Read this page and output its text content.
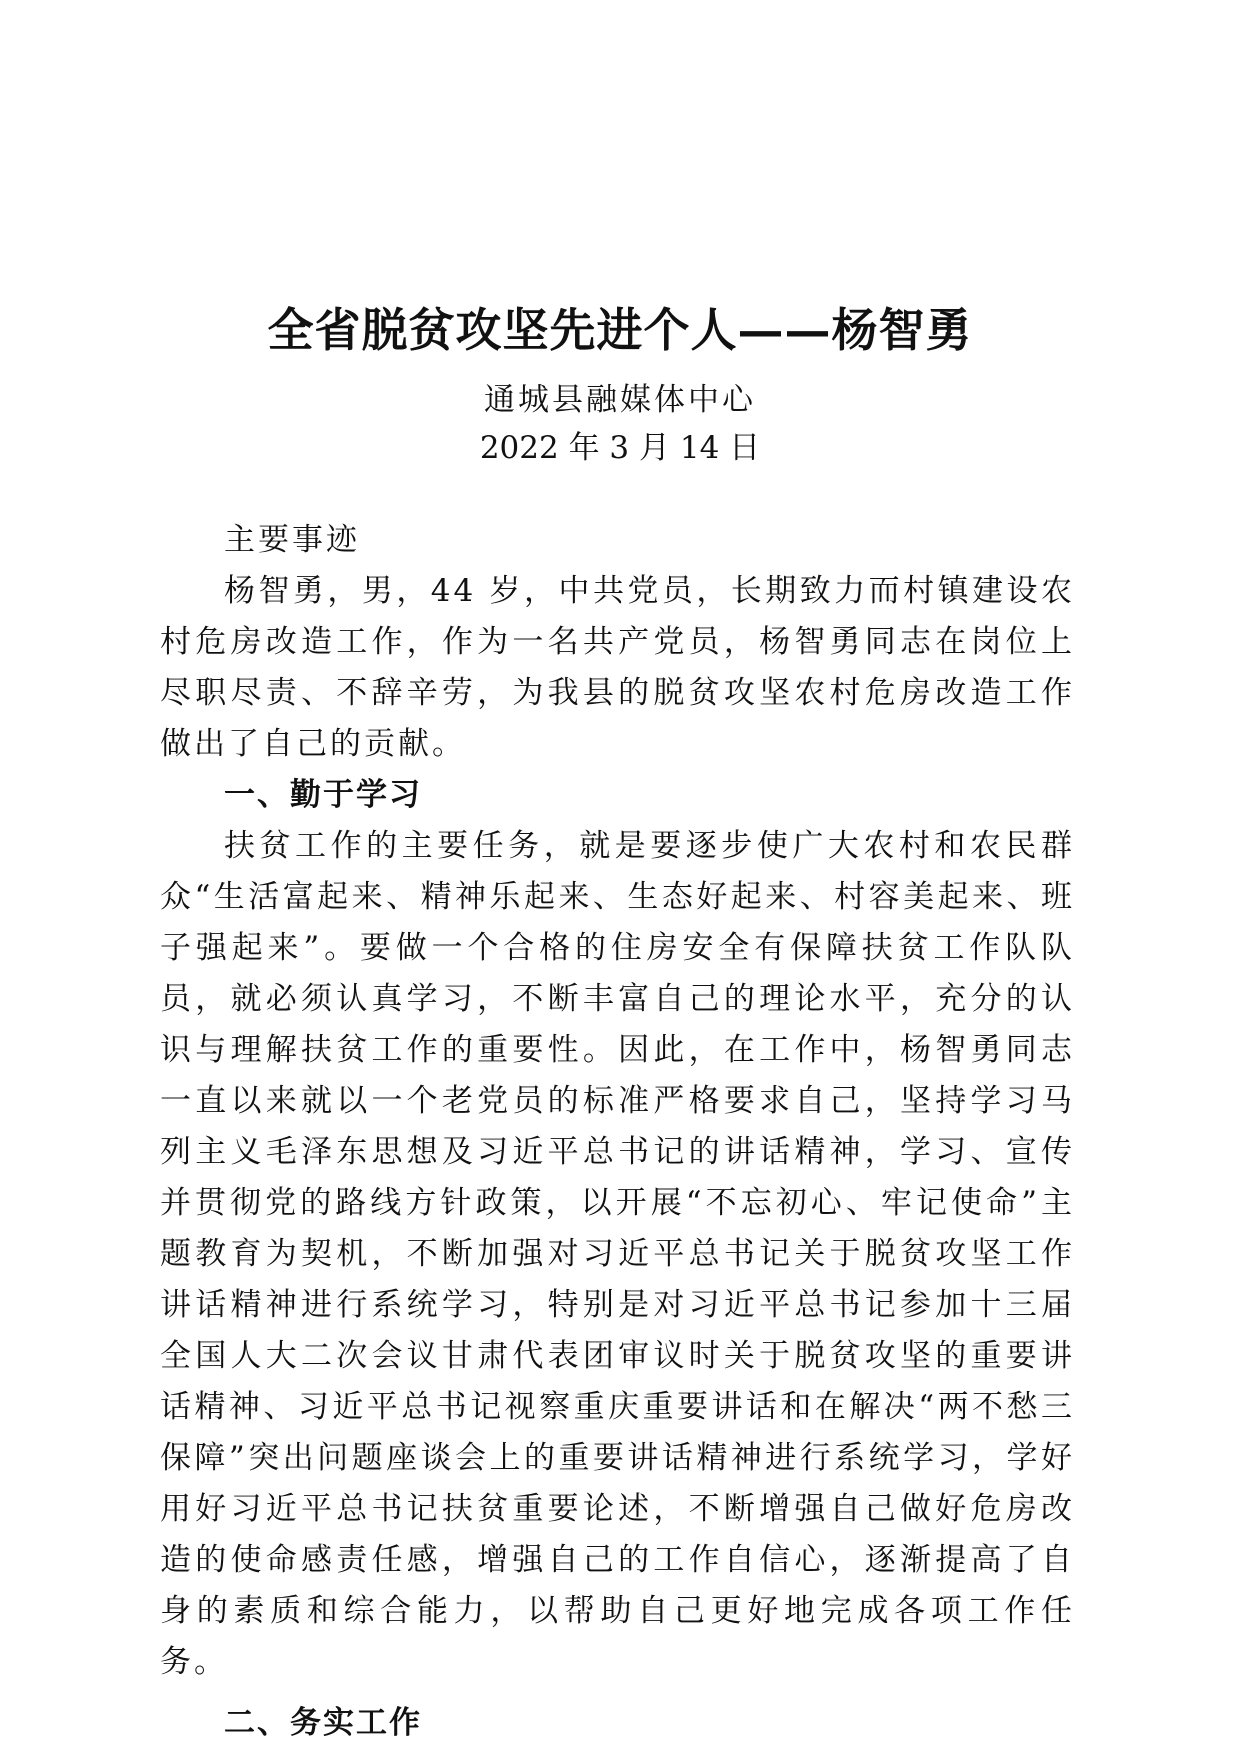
全省脱贫攻坚先进个人——杨智勇
通城县融媒体中心
2022 年 3 月 14 日

主要事迹

杨智勇，男，44 岁，中共党员，长期致力而村镇建设农村危房改造工作，作为一名共产党员，杨智勇同志在岗位上尽职尽责、不辞辛劳，为我县的脱贫攻坚农村危房改造工作做出了自己的贡献。

一、勤于学习

扶贫工作的主要任务，就是要逐步使广大农村和农民群众“生活富起来、精神乐起来、生态好起来、村容美起来、班子强起来”。要做一个合格的住房安全有保障扶贫工作队队员，就必须认真学习，不断丰富自己的理论水平，充分的认识与理解扶贫工作的重要性。因此，在工作中，杨智勇同志一直以来就以一个老党员的标准严格要求自己，坚持学习马列主义毛泽东思想及习近平总书记的讲话精神，学习、宣传并贯彻党的路线方针政策，以开展“不忘初心、牢记使命”主题教育为契机，不断加强对习近平总书记关于脱贫攻坚工作讲话精神进行系统学习，特别是对习近平总书记参加十三届全国人大二次会议甘肃代表团审议时关于脱贫攻坚的重要讲话精神、习近平总书记视察重庆重要讲话和在解决“两不愁三保障”突出问题座谈会上的重要讲话精神进行系统学习，学好用好习近平总书记扶贫重要论述，不断增强自己做好危房改造的使命感责任感，增强自己的工作自信心，逐渐提高了自身的素质和综合能力，以帮助自己更好地完成各项工作任务。

二、务实工作
